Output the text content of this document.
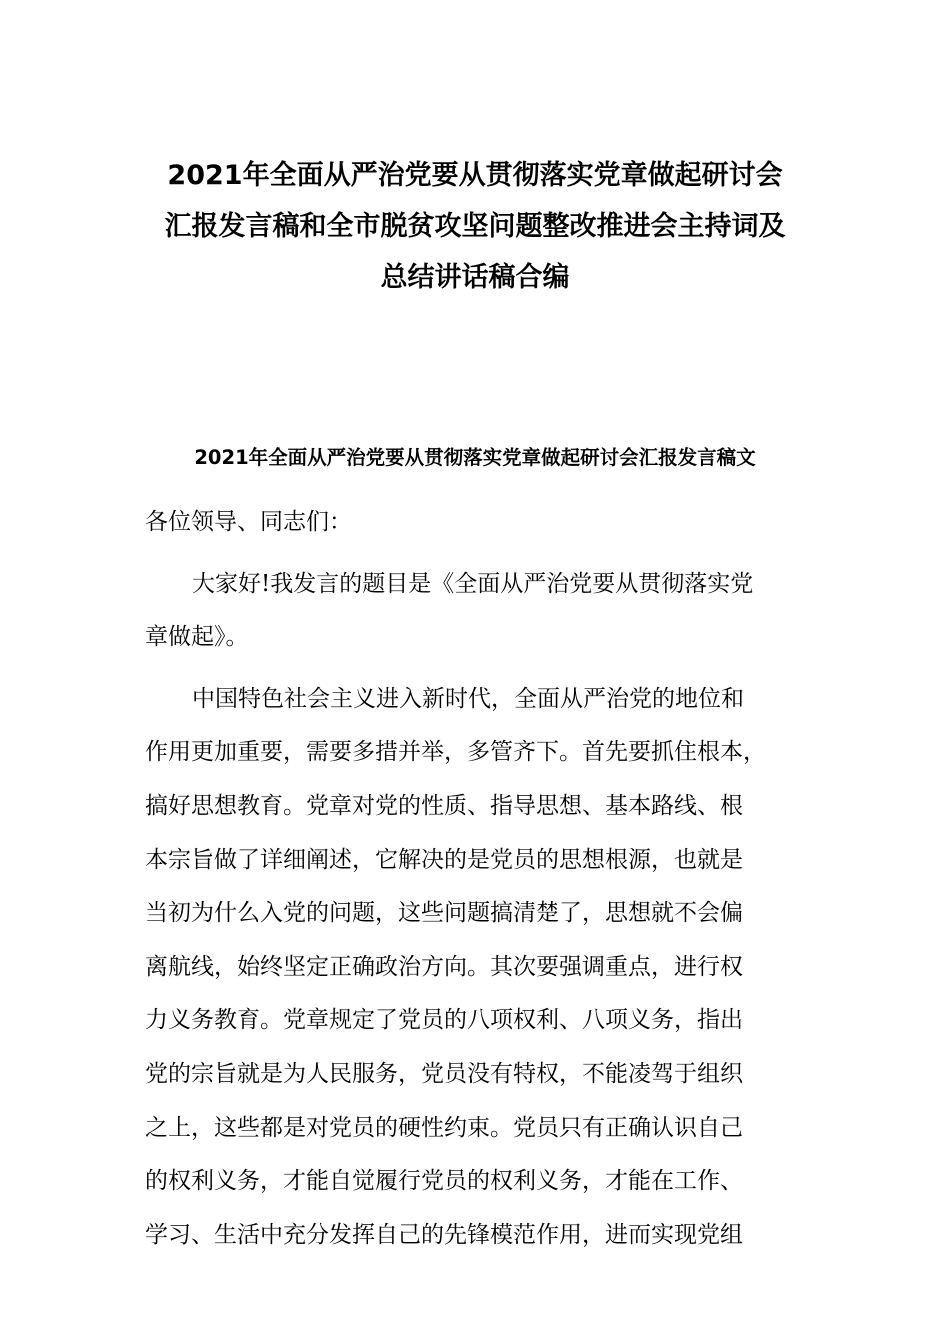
2021年全面从严治党要从贯彻落实党章做起研讨会
汇报发言稿和全市脱贫攻坚问题整改推进会主持词及
总结讲话稿合编
2021年全面从严治党要从贯彻落实党章做起研讨会汇报发言稿文
各位领导、同志们：
大家好!我发言的题目是《全面从严治党要从贯彻落实党
章做起》。
中国特色社会主义进入新时代，全面从严治党的地位和
作用更加重要，需要多措并举，多管齐下。首先要抓住根本，
搞好思想教育。党章对党的性质、指导思想、基本路线、根
本宗旨做了详细阐述，它解决的是党员的思想根源，也就是
当初为什么入党的问题，这些问题搞清楚了，思想就不会偏
离航线，始终坚定正确政治方向。其次要强调重点，进行权
力义务教育。党章规定了党员的八项权利、八项义务，指出
党的宗旨就是为人民服务，党员没有特权，不能凌驾于组织
之上，这些都是对党员的硬性约束。党员只有正确认识自己
的权利义务，才能自觉履行党员的权利义务，才能在工作、
学习、生活中充分发挥自己的先锋模范作用，进而实现党组
